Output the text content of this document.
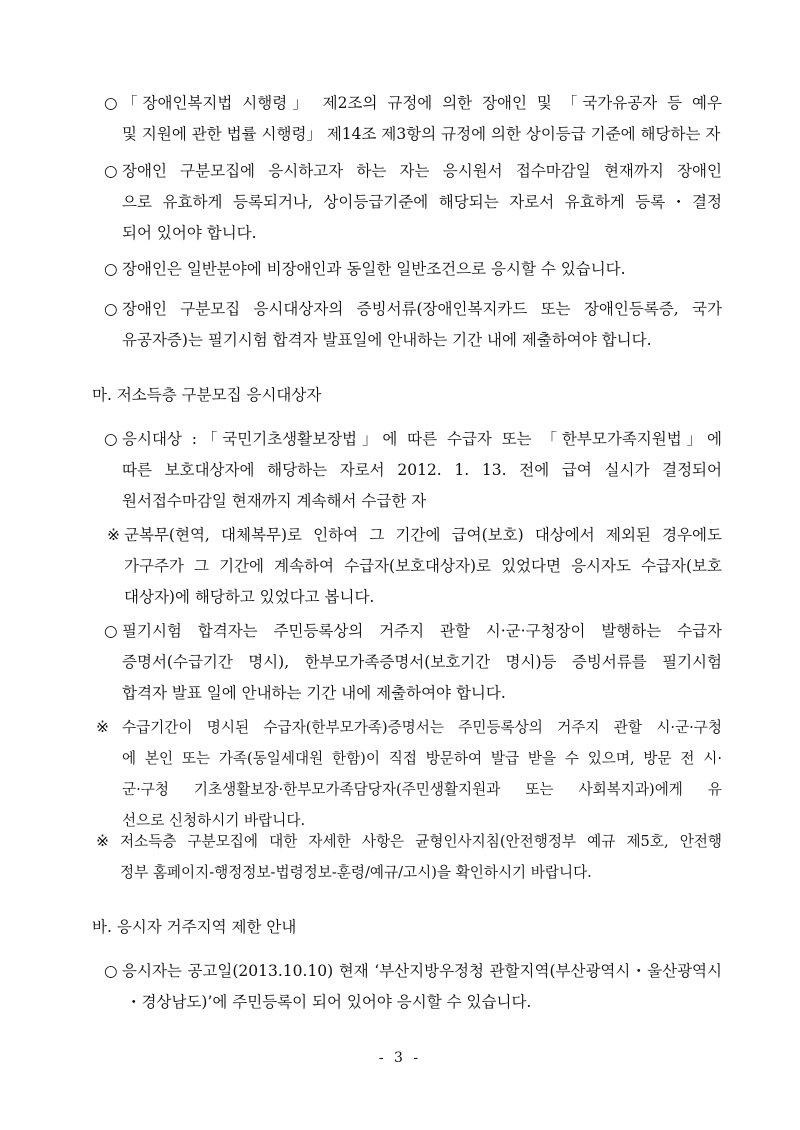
○ 「장애인복지법 시행령」 제2조의 규정에 의한 장애인 및 「국가유공자 등 예우
및 지원에 관한 법률 시행령」 제14조 제3항의 규정에 의한 상이등급 기준에 해당하는 자
○ 장애인 구분모집에 응시하고자 하는 자는 응시원서 접수마감일 현재까지 장애인
으로 유효하게 등록되거나, 상이등급기준에 해당되는 자로서 유효하게 등록・결정
되어 있어야 합니다.
○ 장애인은 일반분야에 비장애인과 동일한 일반조건으로 응시할 수 있습니다.
○ 장애인 구분모집 응시대상자의 증빙서류(장애인복지카드 또는 장애인등록증, 국가
유공자증)는 필기시험 합격자 발표일에 안내하는 기간 내에 제출하여야 합니다.
마. 저소득층 구분모집 응시대상자
○ 응시대상 :「국민기초생활보장법」에 따른 수급자 또는 「한부모가족지원법」에
따른 보호대상자에 해당하는 자로서 2012. 1. 13. 전에 급여 실시가 결정되어
원서접수마감일 현재까지 계속해서 수급한 자
※ 군복무(현역, 대체복무)로 인하여 그 기간에 급여(보호) 대상에서 제외된 경우에도
가구주가 그 기간에 계속하여 수급자(보호대상자)로 있었다면 응시자도 수급자(보호
대상자)에 해당하고 있었다고 봅니다.
○ 필기시험 합격자는 주민등록상의 거주지 관할 시·군·구청장이 발행하는 수급자
증명서(수급기간 명시), 한부모가족증명서(보호기간 명시)등 증빙서류를 필기시험
합격자 발표 일에 안내하는 기간 내에 제출하여야 합니다.
※ 수급기간이 명시된 수급자(한부모가족)증명서는 주민등록상의 거주지 관할 시·군·구청
에 본인 또는 가족(동일세대원 한함)이 직접 방문하여 발급 받을 수 있으며, 방문 전 시·
군·구청 기초생활보장·한부모가족담당자(주민생활지원과 또는 사회복지과)에게 유
선으로 신청하시기 바랍니다.
※ 저소득층 구분모집에 대한 자세한 사항은 균형인사지침(안전행정부 예규 제5호, 안전행
정부 홈페이지-행정정보-법령정보-훈령/예규/고시)을 확인하시기 바랍니다.
바. 응시자 거주지역 제한 안내
○ 응시자는 공고일(2013.10.10) 현재 ‘부산지방우정청 관할지역(부산광역시・울산광역시
・경상남도)’에 주민등록이 되어 있어야 응시할 수 있습니다.
- 3 -
